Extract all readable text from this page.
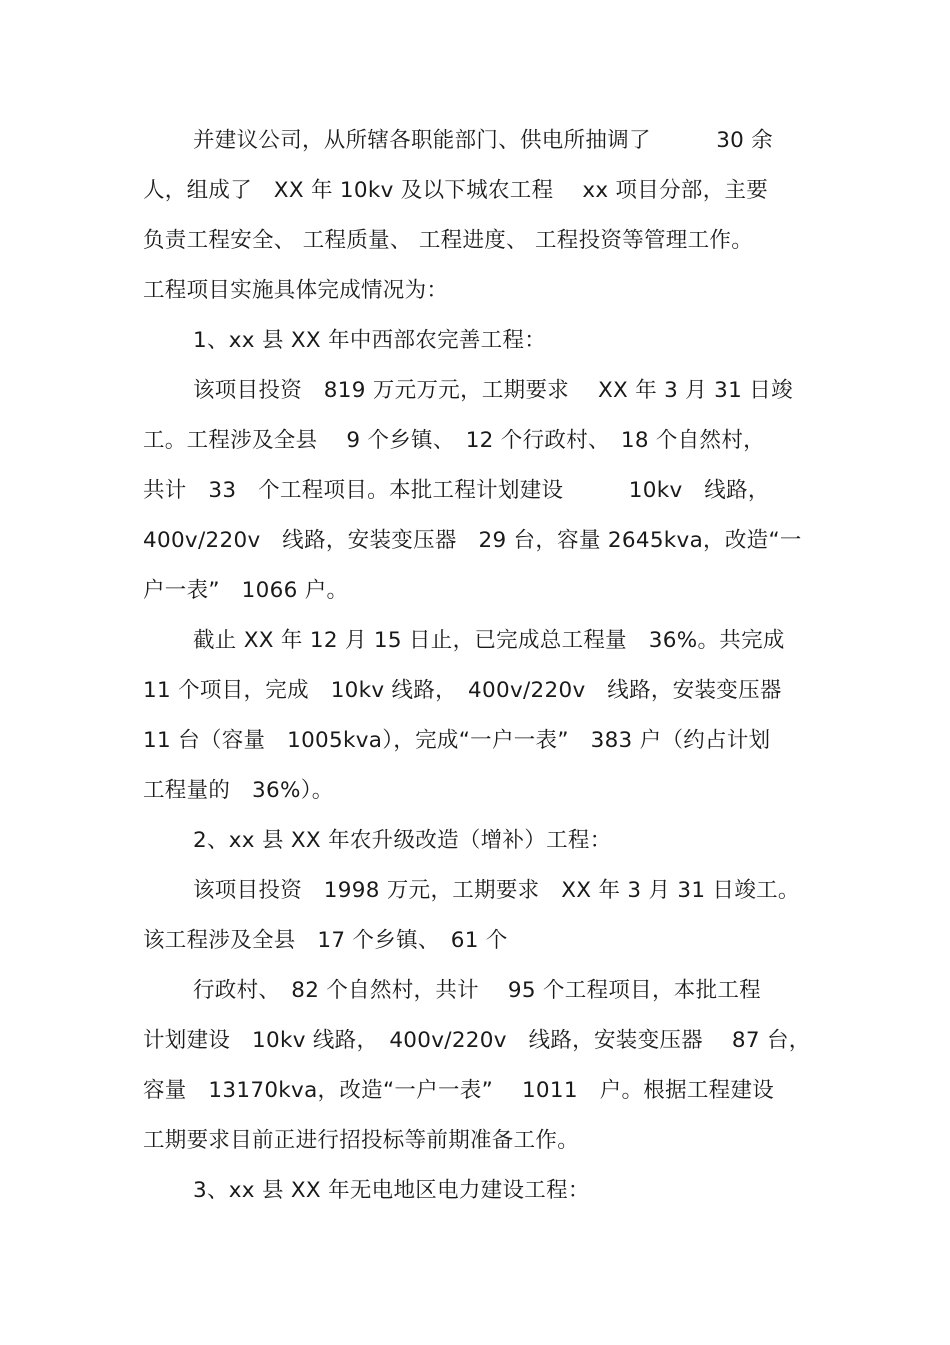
并建议公司，从所辖各职能部门、供电所抽调了　　　30 余
人，组成了　XX 年 10kv 及以下城农工程　 xx 项目分部，主要
负责工程安全、 工程质量、 工程进度、 工程投资等管理工作。
工程项目实施具体完成情况为：
1、xx 县 XX 年中西部农完善工程：
该项目投资　819 万元万元，工期要求　 XX 年 3 月 31 日竣
工。工程涉及全县　 9 个乡镇、　12 个行政村、　18 个自然村，
共计　33　个工程项目。本批工程计划建设　　　10kv　线路，
400v/220v　线路，安装变压器　29 台，容量 2645kva，改造“一
户一表”　1066 户。
截止 XX 年 12 月 15 日止，已完成总工程量　36%。共完成
11 个项目，完成　10kv 线路，　400v/220v　线路，安装变压器
11 台（容量　1005kva），完成“一户一表”　383 户（约占计划
工程量的　36%）。
2、xx 县 XX 年农升级改造（增补）工程：
该项目投资　1998 万元，工期要求　XX 年 3 月 31 日竣工。
该工程涉及全县　17 个乡镇、　61 个
行政村、　82 个自然村，共计　 95 个工程项目，本批工程
计划建设　10kv 线路，　400v/220v　线路，安装变压器　 87 台，
容量　13170kva，改造“一户一表”　 1011　户。根据工程建设
工期要求目前正进行招投标等前期准备工作。
3、xx 县 XX 年无电地区电力建设工程：
